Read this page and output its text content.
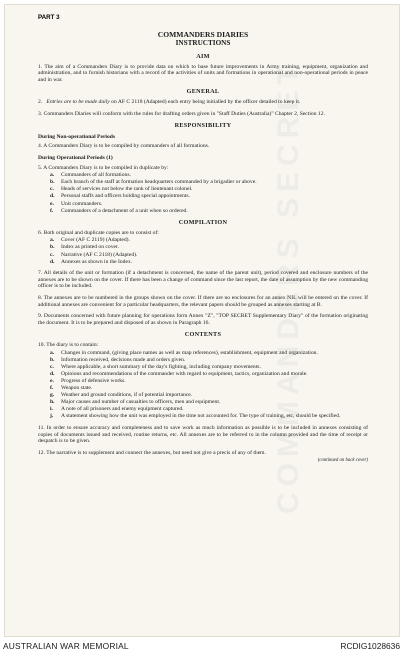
COMMANDERS SECRET
PART 3
COMMANDERS DIARIES
INSTRUCTIONS
AIM
1. The aim of a Commanders Diary is to provide data on which to base future improvements in Army training, equipment, organization and administration, and to furnish historians with a record of the activities of units and formations in operational and non-operational periods in peace and in war.
GENERAL
2. Entries are to be made daily on AF C 2118 (Adapted) each entry being initialled by the officer detailed to keep it.
3. Commanders Diaries will conform with the rules for drafting orders given in "Staff Duties (Australia)" Chapter 2, Section 12.
RESPONSIBILITY
During Non-operational Periods
4. A Commanders Diary is to be compiled by commanders of all formations.
During Operational Periods (1)
5. A Commanders Diary is to be compiled in duplicate by:
a.	Commanders of all formations.
b.	Each branch of the staff at formation headquarters commanded by a brigadier or above.
c.	Heads of services not below the rank of lieutenant colonel.
d.	Personal staffs and officers holding special appointments.
e.	Unit commanders.
f.	Commanders of a detachment of a unit when so ordered.
COMPILATION
6. Both original and duplicate copies are to consist of:
a.	Cover (AF C 2119) (Adapted).
b.	Index as printed on cover.
c.	Narrative (AF C 2118) (Adapted).
d.	Annexes as shown in the Index.
7. All details of the unit or formation (if a detachment is concerned, the name of the parent unit), period covered and enclosure numbers of the annexes are to be shown on the cover. If there has been a change of command since the last report, the date of assumption by the new commanding officer is to be included.
8. The annexes are to be numbered in the groups shown on the cover. If there are no enclosures for an annex NIL will be entered on the cover. If additional annexes are convenient for a particular headquarters, the relevant papers should be grouped as annexes starting at B.
9. Documents concerned with future planning for operations form Annex "Z", "TOP SECRET Supplementary Diary" of the formation originating the document. It is to be prepared and disposed of as shown in Paragraph 16.
CONTENTS
10. The diary is to contain:
a.	Changes in command, (giving place names as well as map references), establishment, equipment and organization.
b.	Information received, decisions made and orders given.
c.	Where applicable, a short summary of the day's fighting, including company movements.
d.	Opinions and recommendations of the commander with regard to equipment, tactics, organization and morale.
e.	Progress of defensive works.
f.	Weapon state.
g.	Weather and ground conditions, if of potential importance.
h.	Major causes and number of casualties to officers, men and equipment.
i.	A note of all prisoners and enemy equipment captured.
j.	A statement showing how the unit was employed in the time not accounted for. The type of training, etc, should be specified.
11. In order to ensure accuracy and completeness and to save work as much information as possible is to be included in annexes consisting of copies of documents issued and received, routine returns, etc. All annexes are to be referred to in the column provided and the time of receipt or despatch is to be given.
12. The narrative is to supplement and connect the annexes, but need not give a precis of any of them.
(continued on back cover)
AUSTRALIAN WAR MEMORIAL	RCDIG1028636
